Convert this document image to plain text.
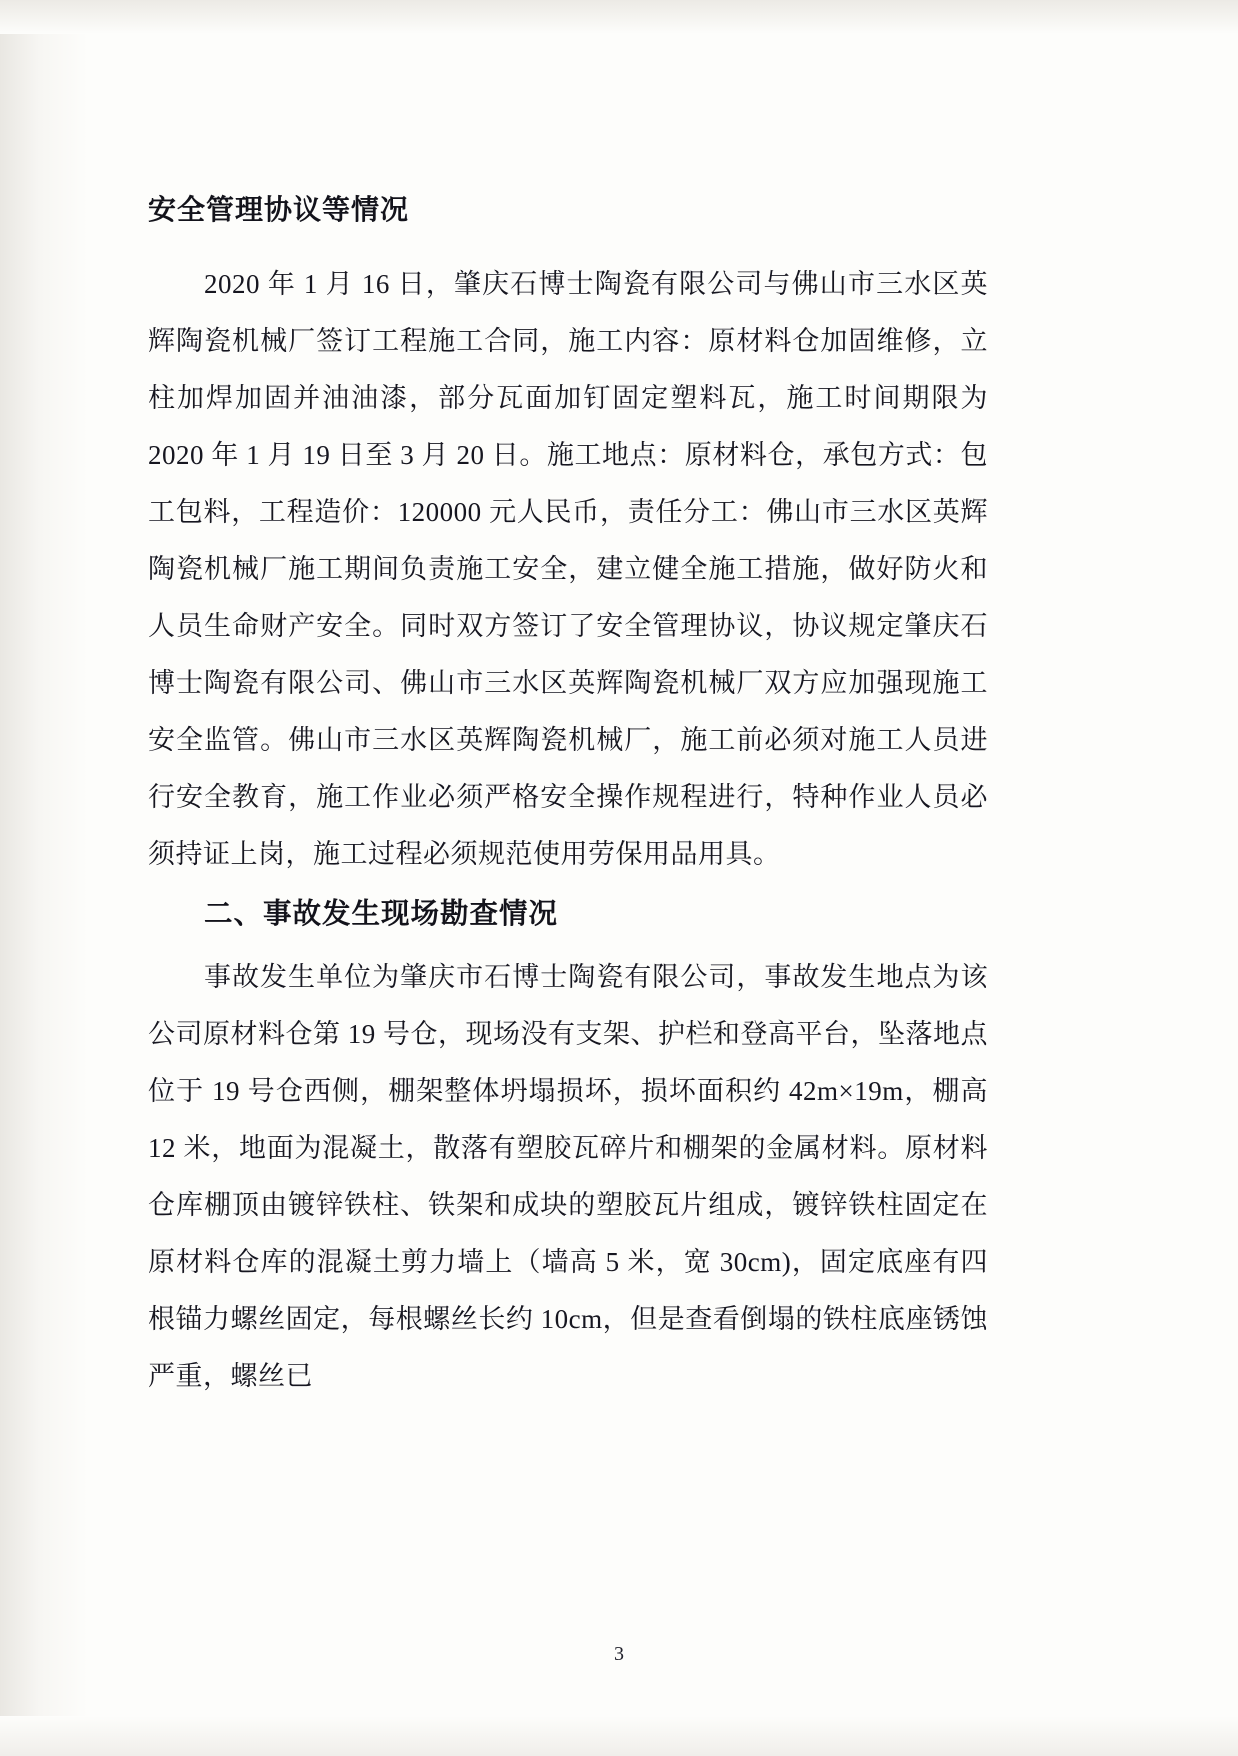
安全管理协议等情况

2020 年 1 月 16 日，肇庆石博士陶瓷有限公司与佛山市三水区英辉陶瓷机械厂签订工程施工合同，施工内容：原材料仓加固维修，立柱加焊加固并油油漆，部分瓦面加钉固定塑料瓦，施工时间期限为 2020 年 1 月 19 日至 3 月 20 日。施工地点：原材料仓，承包方式：包工包料，工程造价：120000 元人民币，责任分工：佛山市三水区英辉陶瓷机械厂施工期间负责施工安全，建立健全施工措施，做好防火和人员生命财产安全。同时双方签订了安全管理协议，协议规定肇庆石博士陶瓷有限公司、佛山市三水区英辉陶瓷机械厂双方应加强现施工安全监管。佛山市三水区英辉陶瓷机械厂，施工前必须对施工人员进行安全教育，施工作业必须严格安全操作规程进行，特种作业人员必须持证上岗，施工过程必须规范使用劳保用品用具。

二、事故发生现场勘查情况

事故发生单位为肇庆市石博士陶瓷有限公司，事故发生地点为该公司原材料仓第 19 号仓，现场没有支架、护栏和登高平台，坠落地点位于 19 号仓西侧，棚架整体坍塌损坏，损坏面积约 42m×19m，棚高 12 米，地面为混凝土，散落有塑胶瓦碎片和棚架的金属材料。原材料仓库棚顶由镀锌铁柱、铁架和成块的塑胶瓦片组成，镀锌铁柱固定在原材料仓库的混凝土剪力墙上（墙高 5 米，宽 30cm)，固定底座有四根锚力螺丝固定，每根螺丝长约 10cm，但是查看倒塌的铁柱底座锈蚀严重，螺丝已

3
